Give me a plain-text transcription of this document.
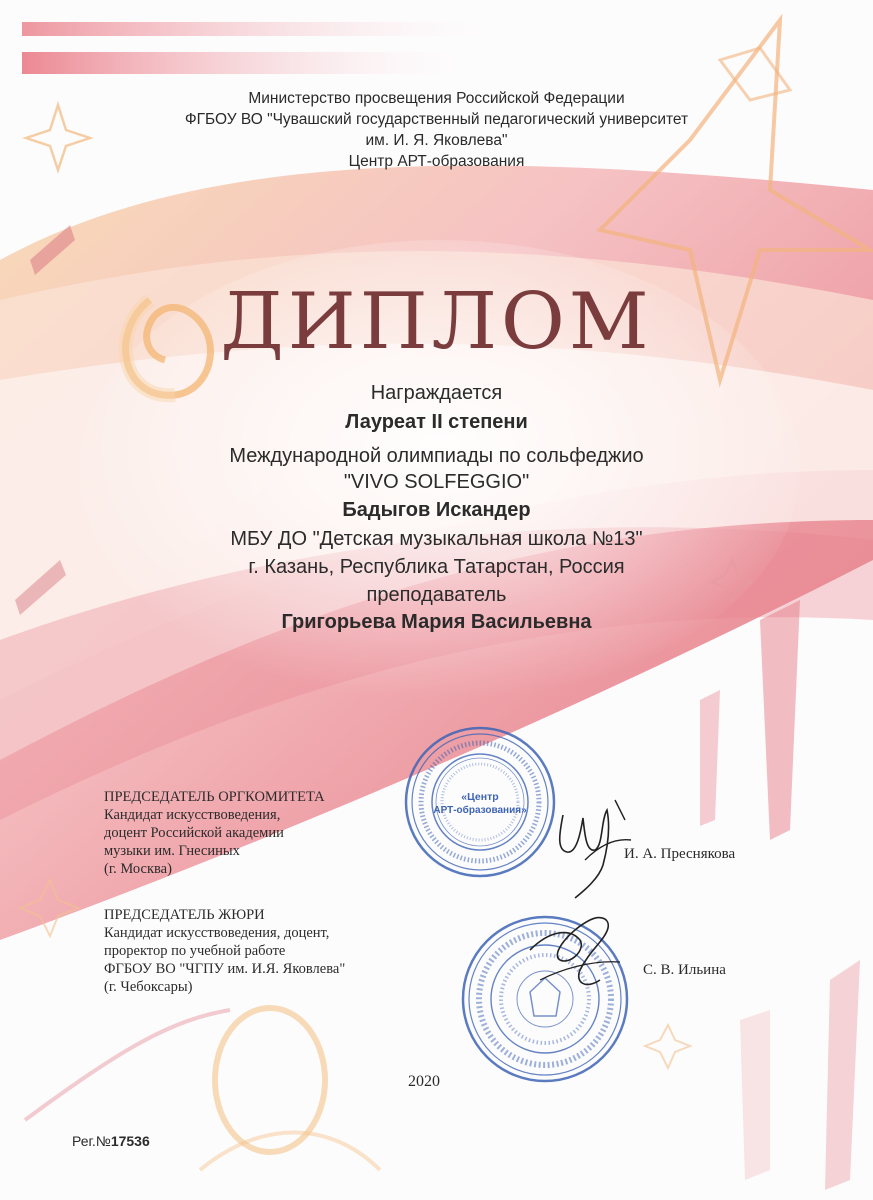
Министерство просвещения Российской Федерации
ФГБОУ ВО "Чувашский государственный педагогический университет
им. И. Я. Яковлева"
Центр АРТ-образования
ДИПЛОМ
Награждается
Лауреат II степени
Международной олимпиады по сольфеджио
"VIVO SOLFEGGIO"
Бадыгов Искандер
МБУ ДО "Детская музыкальная школа №13"
г. Казань, Республика Татарстан, Россия
преподаватель
Григорьева Мария Васильевна
ПРЕДСЕДАТЕЛЬ ОРГКОМИТЕТА
Кандидат искусствоведения,
доцент Российской академии
музыки им. Гнесиных
(г. Москва)
И. А. Преснякова
ПРЕДСЕДАТЕЛЬ ЖЮРИ
Кандидат искусствоведения, доцент,
проректор по учебной работе
ФГБОУ ВО "ЧГПУ им. И.Я. Яковлева"
(г. Чебоксары)
С. В. Ильина
«Центр
АРТ-образования»
2020
Рег.№17536
